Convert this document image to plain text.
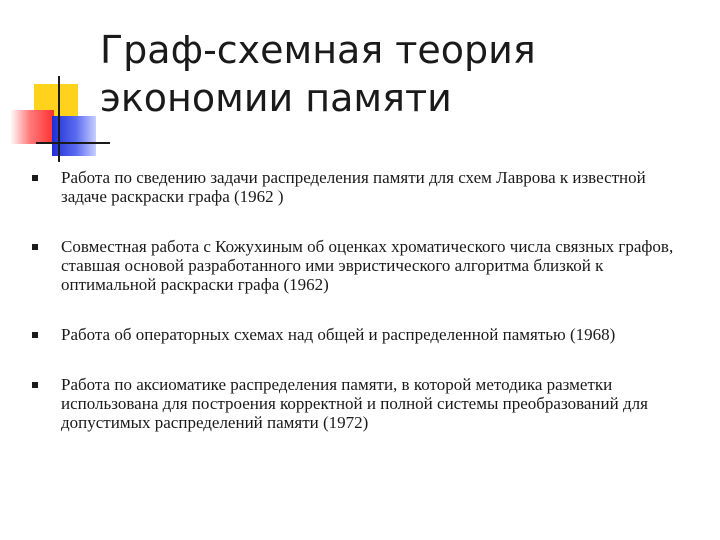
Граф-схемная теория
экономии памяти
Работа по сведению задачи распределения памяти для схем Лаврова к известной задаче раскраски графа (1962 )
Совместная работа с Кожухиным об оценках хроматического числа связных графов, ставшая основой разработанного ими эвристического алгоритма близкой к оптимальной раскраски графа (1962)
Работа об операторных схемах над общей и распределенной памятью (1968)
Работа по аксиоматике распределения памяти, в которой методика разметки использована для построения корректной и полной системы преобразований для допустимых распределений памяти (1972)
